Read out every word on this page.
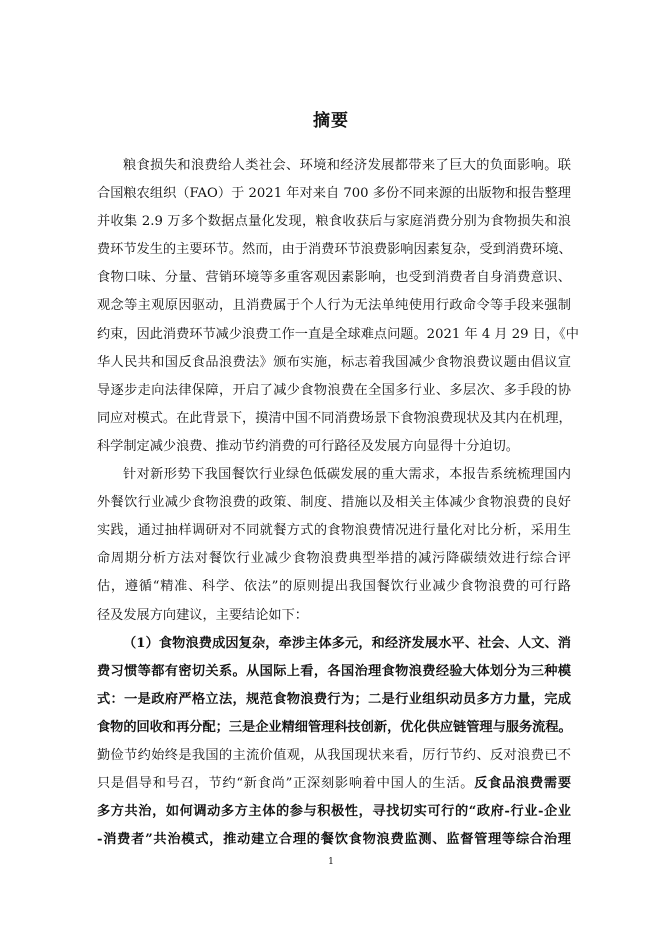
摘要
粮食损失和浪费给人类社会、环境和经济发展都带来了巨大的负面影响。联
合国粮农组织（FAO）于 2021 年对来自 700 多份不同来源的出版物和报告整理
并收集 2.9 万多个数据点量化发现，粮食收获后与家庭消费分别为食物损失和浪
费环节发生的主要环节。然而，由于消费环节浪费影响因素复杂，受到消费环境、
食物口味、分量、营销环境等多重客观因素影响，也受到消费者自身消费意识、
观念等主观原因驱动，且消费属于个人行为无法单纯使用行政命令等手段来强制
约束，因此消费环节减少浪费工作一直是全球难点问题。2021 年 4 月 29 日，《中
华人民共和国反食品浪费法》颁布实施，标志着我国减少食物浪费议题由倡议宣
导逐步走向法律保障，开启了减少食物浪费在全国多行业、多层次、多手段的协
同应对模式。在此背景下，摸清中国不同消费场景下食物浪费现状及其内在机理，
科学制定减少浪费、推动节约消费的可行路径及发展方向显得十分迫切。
针对新形势下我国餐饮行业绿色低碳发展的重大需求，本报告系统梳理国内
外餐饮行业减少食物浪费的政策、制度、措施以及相关主体减少食物浪费的良好
实践，通过抽样调研对不同就餐方式的食物浪费情况进行量化对比分析，采用生
命周期分析方法对餐饮行业减少食物浪费典型举措的减污降碳绩效进行综合评
估，遵循“精准、科学、依法”的原则提出我国餐饮行业减少食物浪费的可行路
径及发展方向建议，主要结论如下：
（1）食物浪费成因复杂，牵涉主体多元，和经济发展水平、社会、人文、消
费习惯等都有密切关系。从国际上看，各国治理食物浪费经验大体划分为三种模
式：一是政府严格立法，规范食物浪费行为；二是行业组织动员多方力量，完成
食物的回收和再分配；三是企业精细管理科技创新，优化供应链管理与服务流程。
勤俭节约始终是我国的主流价值观，从我国现状来看，厉行节约、反对浪费已不
只是倡导和号召，节约“新食尚”正深刻影响着中国人的生活。反食品浪费需要
多方共治，如何调动多方主体的参与积极性，寻找切实可行的“政府-行业-企业
-消费者”共治模式，推动建立合理的餐饮食物浪费监测、监督管理等综合治理
1
